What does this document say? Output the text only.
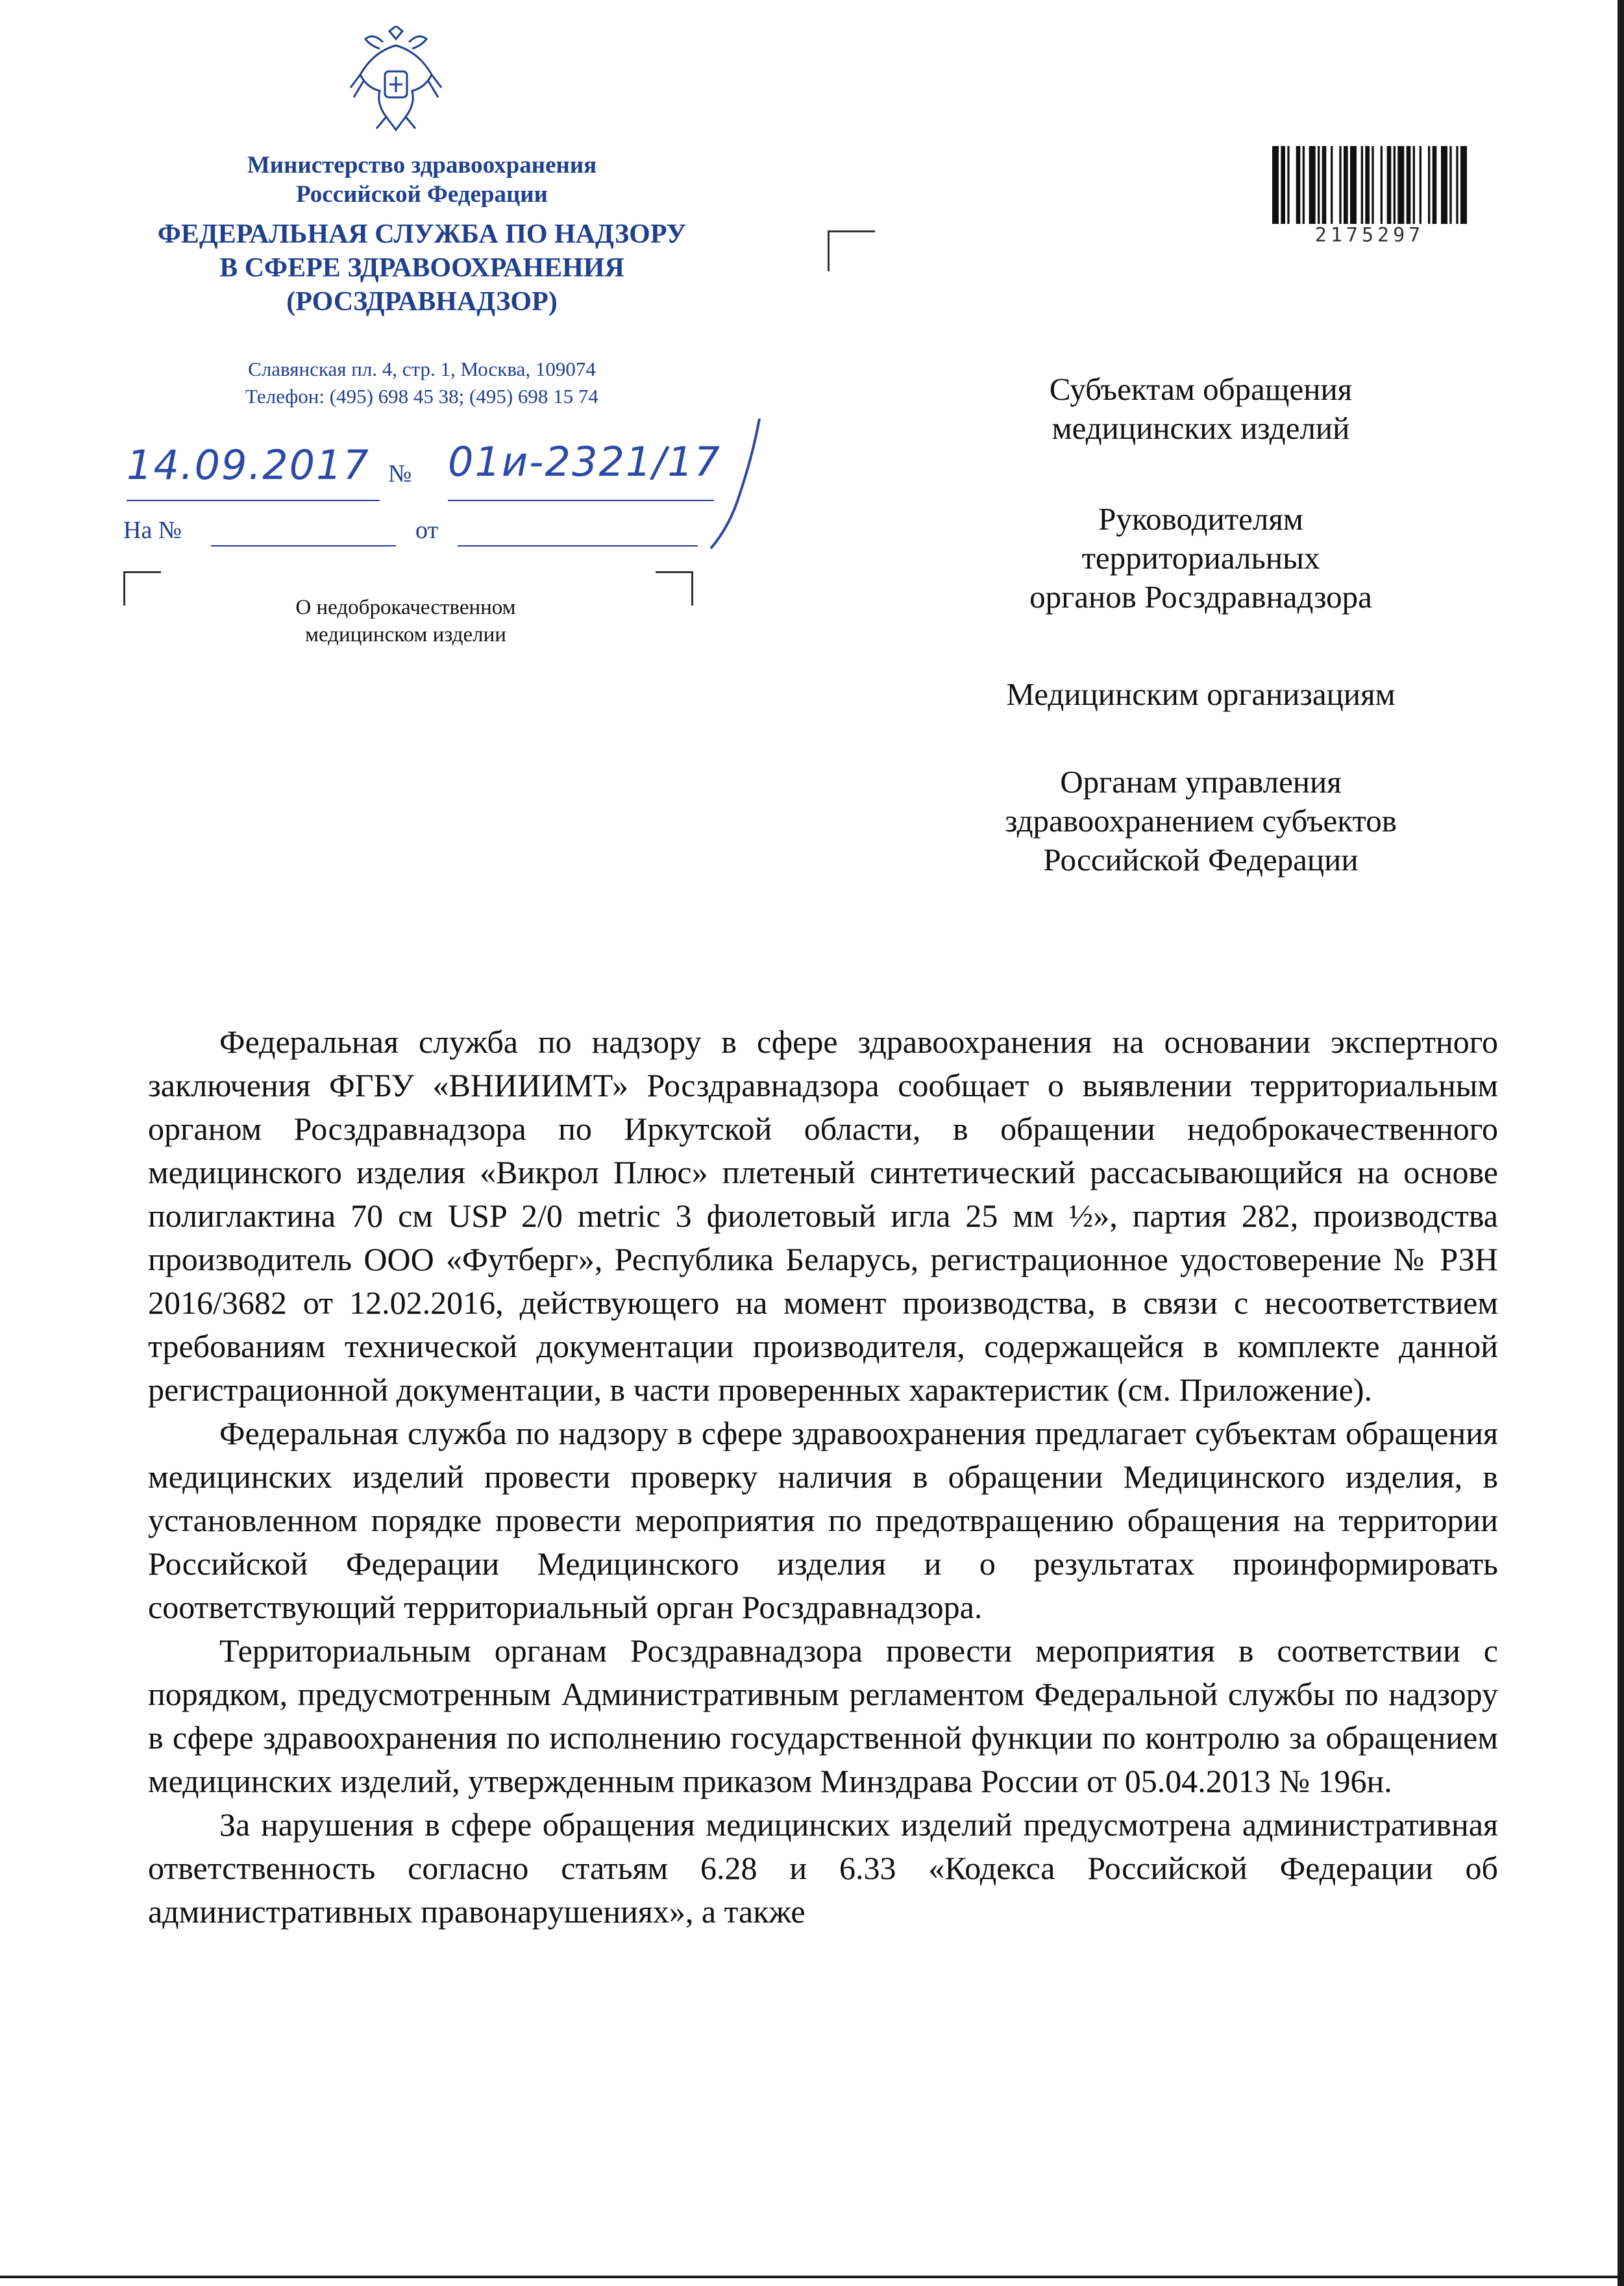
Министерство здравоохранения
Российской Федерации
ФЕДЕРАЛЬНАЯ СЛУЖБА ПО НАДЗОРУ
В СФЕРЕ ЗДРАВООХРАНЕНИЯ
(РОСЗДРАВНАДЗОР)
Славянская пл. 4, стр. 1, Москва, 109074
Телефон: (495) 698 45 38; (495) 698 15 74
14.09.2017 № 01и-2321/17
На №	от
О недоброкачественном
медицинском изделии
2175297
Субъектам обращения
медицинских изделий
Руководителям
территориальных
органов Росздравнадзора
Медицинским организациям
Органам управления
здравоохранением субъектов
Российской Федерации

Федеральная служба по надзору в сфере здравоохранения на основании экспертного заключения ФГБУ «ВНИИИМТ» Росздравнадзора сообщает о выявлении территориальным органом Росздравнадзора по Иркутской области, в обращении недоброкачественного медицинского изделия «Викрол Плюс» плетеный синтетический рассасывающийся на основе полиглактина 70 см USP 2/0 metric 3 фиолетовый игла 25 мм ½», партия 282, производства производитель ООО «Футберг», Республика Беларусь, регистрационное удостоверение № РЗН 2016/3682 от 12.02.2016, действующего на момент производства, в связи с несоответствием требованиям технической документации производителя, содержащейся в комплекте данной регистрационной документации, в части проверенных характеристик (см. Приложение).

Федеральная служба по надзору в сфере здравоохранения предлагает субъектам обращения медицинских изделий провести проверку наличия в обращении Медицинского изделия, в установленном порядке провести мероприятия по предотвращению обращения на территории Российской Федерации Медицинского изделия и о результатах проинформировать соответствующий территориальный орган Росздравнадзора.

Территориальным органам Росздравнадзора провести мероприятия в соответствии с порядком, предусмотренным Административным регламентом Федеральной службы по надзору в сфере здравоохранения по исполнению государственной функции по контролю за обращением медицинских изделий, утвержденным приказом Минздрава России от 05.04.2013 № 196н.

За нарушения в сфере обращения медицинских изделий предусмотрена административная ответственность согласно статьям 6.28 и 6.33 «Кодекса Российской Федерации об административных правонарушениях», а также
